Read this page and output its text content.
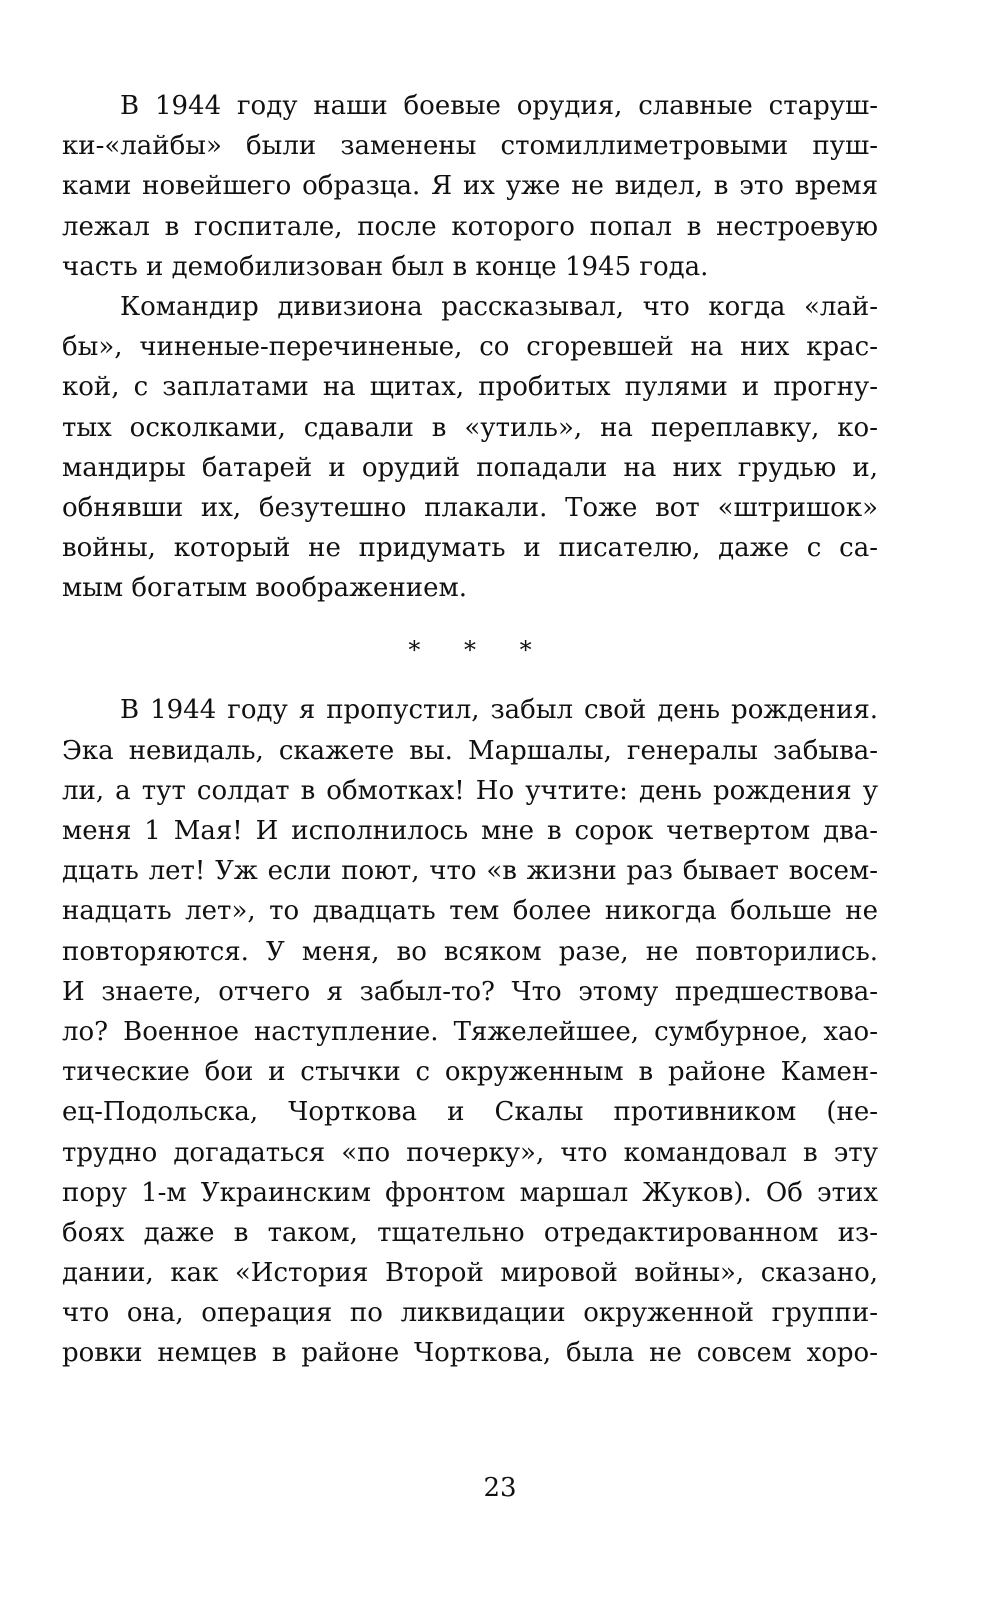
В 1944 году наши боевые орудия, славные старуш-
ки-«лайбы» были заменены стомиллиметровыми пуш-
ками новейшего образца. Я их уже не видел, в это время
лежал в госпитале, после которого попал в нестроевую
часть и демобилизован был в конце 1945 года.
Командир дивизиона рассказывал, что когда «лай-
бы», чиненые-перечиненые, со сгоревшей на них крас-
кой, с заплатами на щитах, пробитых пулями и прогну-
тых осколками, сдавали в «утиль», на переплавку, ко-
мандиры батарей и орудий попадали на них грудью и,
обнявши их, безутешно плакали. Тоже вот «штришок»
войны, который не придумать и писателю, даже с са-
мым богатым воображением.
* * *
В 1944 году я пропустил, забыл свой день рождения.
Эка невидаль, скажете вы. Маршалы, генералы забыва-
ли, а тут солдат в обмотках! Но учтите: день рождения у
меня 1 Мая! И исполнилось мне в сорок четвертом два-
дцать лет! Уж если поют, что «в жизни раз бывает восем-
надцать лет», то двадцать тем более никогда больше не
повторяются. У меня, во всяком разе, не повторились.
И знаете, отчего я забыл-то? Что этому предшествова-
ло? Военное наступление. Тяжелейшее, сумбурное, хао-
тические бои и стычки с окруженным в районе Камен-
ец-Подольска, Чорткова и Скалы противником (не-
трудно догадаться «по почерку», что командовал в эту
пору 1-м Украинским фронтом маршал Жуков). Об этих
боях даже в таком, тщательно отредактированном из-
дании, как «История Второй мировой войны», сказано,
что она, операция по ликвидации окруженной группи-
ровки немцев в районе Чорткова, была не совсем хоро-
23
